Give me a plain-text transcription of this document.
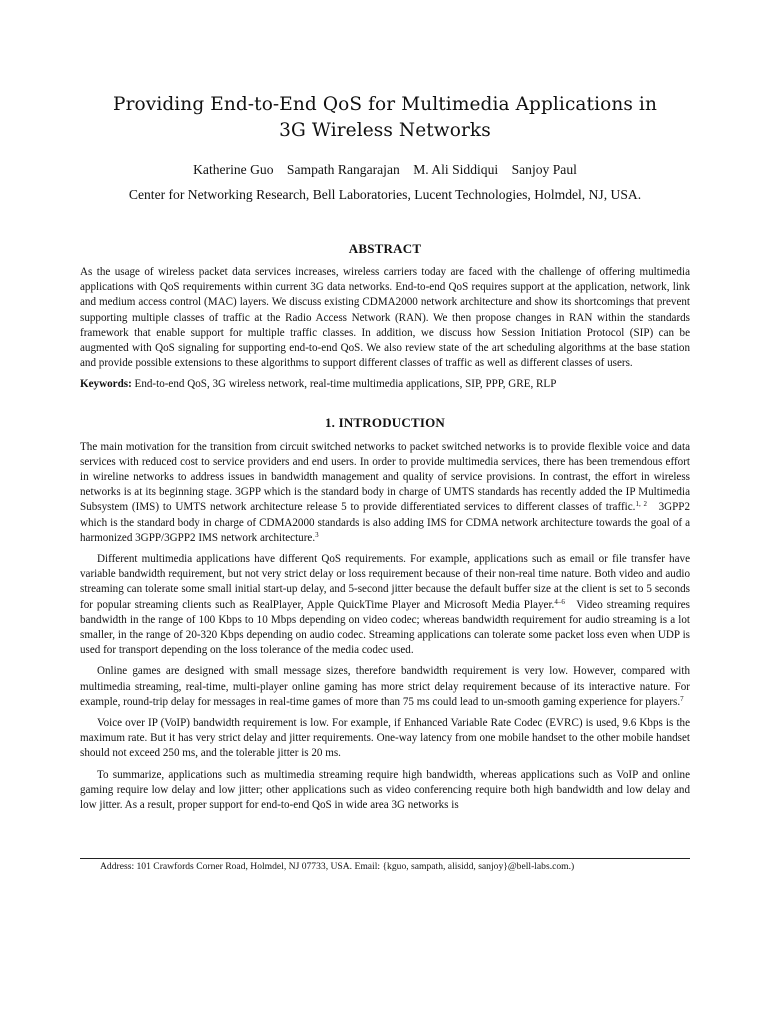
Providing End-to-End QoS for Multimedia Applications in
3G Wireless Networks
Katherine Guo Sampath Rangarajan M. Ali Siddiqui Sanjoy Paul
Center for Networking Research, Bell Laboratories, Lucent Technologies, Holmdel, NJ, USA.
ABSTRACT

As the usage of wireless packet data services increases, wireless carriers today are faced with the challenge of offering multimedia applications with QoS requirements within current 3G data networks. End-to-end QoS requires support at the application, network, link and medium access control (MAC) layers. We discuss existing CDMA2000 network architecture and show its shortcomings that prevent supporting multiple classes of traffic at the Radio Access Network (RAN). We then propose changes in RAN within the standards framework that enable support for multiple traffic classes. In addition, we discuss how Session Initiation Protocol (SIP) can be augmented with QoS signaling for supporting end-to-end QoS. We also review state of the art scheduling algorithms at the base station and provide possible extensions to these algorithms to support different classes of traffic as well as different classes of users.

Keywords: End-to-end QoS, 3G wireless network, real-time multimedia applications, SIP, PPP, GRE, RLP

1. INTRODUCTION

The main motivation for the transition from circuit switched networks to packet switched networks is to provide flexible voice and data services with reduced cost to service providers and end users. In order to provide multimedia services, there has been tremendous effort in wireline networks to address issues in bandwidth management and quality of service provisions. In contrast, the effort in wireless networks is at its beginning stage. 3GPP which is the standard body in charge of UMTS standards has recently added the IP Multimedia Subsystem (IMS) to UMTS network architecture release 5 to provide differentiated services to different classes of traffic.$^{1, 2}$   3GPP2 which is the standard body in charge of CDMA2000 standards is also adding IMS for CDMA network architecture towards the goal of a harmonized 3GPP/3GPP2 IMS network architecture.$^3$

Different multimedia applications have different QoS requirements. For example, applications such as email or file transfer have variable bandwidth requirement, but not very strict delay or loss requirement because of their non-real time nature. Both video and audio streaming can tolerate some small initial start-up delay, and 5-second jitter because the default buffer size at the client is set to 5 seconds for popular streaming clients such as RealPlayer, Apple QuickTime Player and Microsoft Media Player.$^{4-6}$   Video streaming requires bandwidth in the range of 100 Kbps to 10 Mbps depending on video codec; whereas bandwidth requirement for audio streaming is a lot smaller, in the range of 20-320 Kbps depending on audio codec. Streaming applications can tolerate some packet loss even when UDP is used for transport depending on the loss tolerance of the media codec used.

Online games are designed with small message sizes, therefore bandwidth requirement is very low. However, compared with multimedia streaming, real-time, multi-player online gaming has more strict delay requirement because of its interactive nature. For example, round-trip delay for messages in real-time games of more than 75 ms could lead to un-smooth gaming experience for players.$^7$

Voice over IP (VoIP) bandwidth requirement is low. For example, if Enhanced Variable Rate Codec (EVRC) is used, 9.6 Kbps is the maximum rate. But it has very strict delay and jitter requirements. One-way latency from one mobile handset to the other mobile handset should not exceed 250 ms, and the tolerable jitter is 20 ms.

To summarize, applications such as multimedia streaming require high bandwidth, whereas applications such as VoIP and online gaming require low delay and low jitter; other applications such as video conferencing require both high bandwidth and low delay and low jitter. As a result, proper support for end-to-end QoS in wide area 3G networks is

Address: 101 Crawfords Corner Road, Holmdel, NJ 07733, USA. Email: {kguo, sampath, alisidd, sanjoy}@bell-labs.com.)
